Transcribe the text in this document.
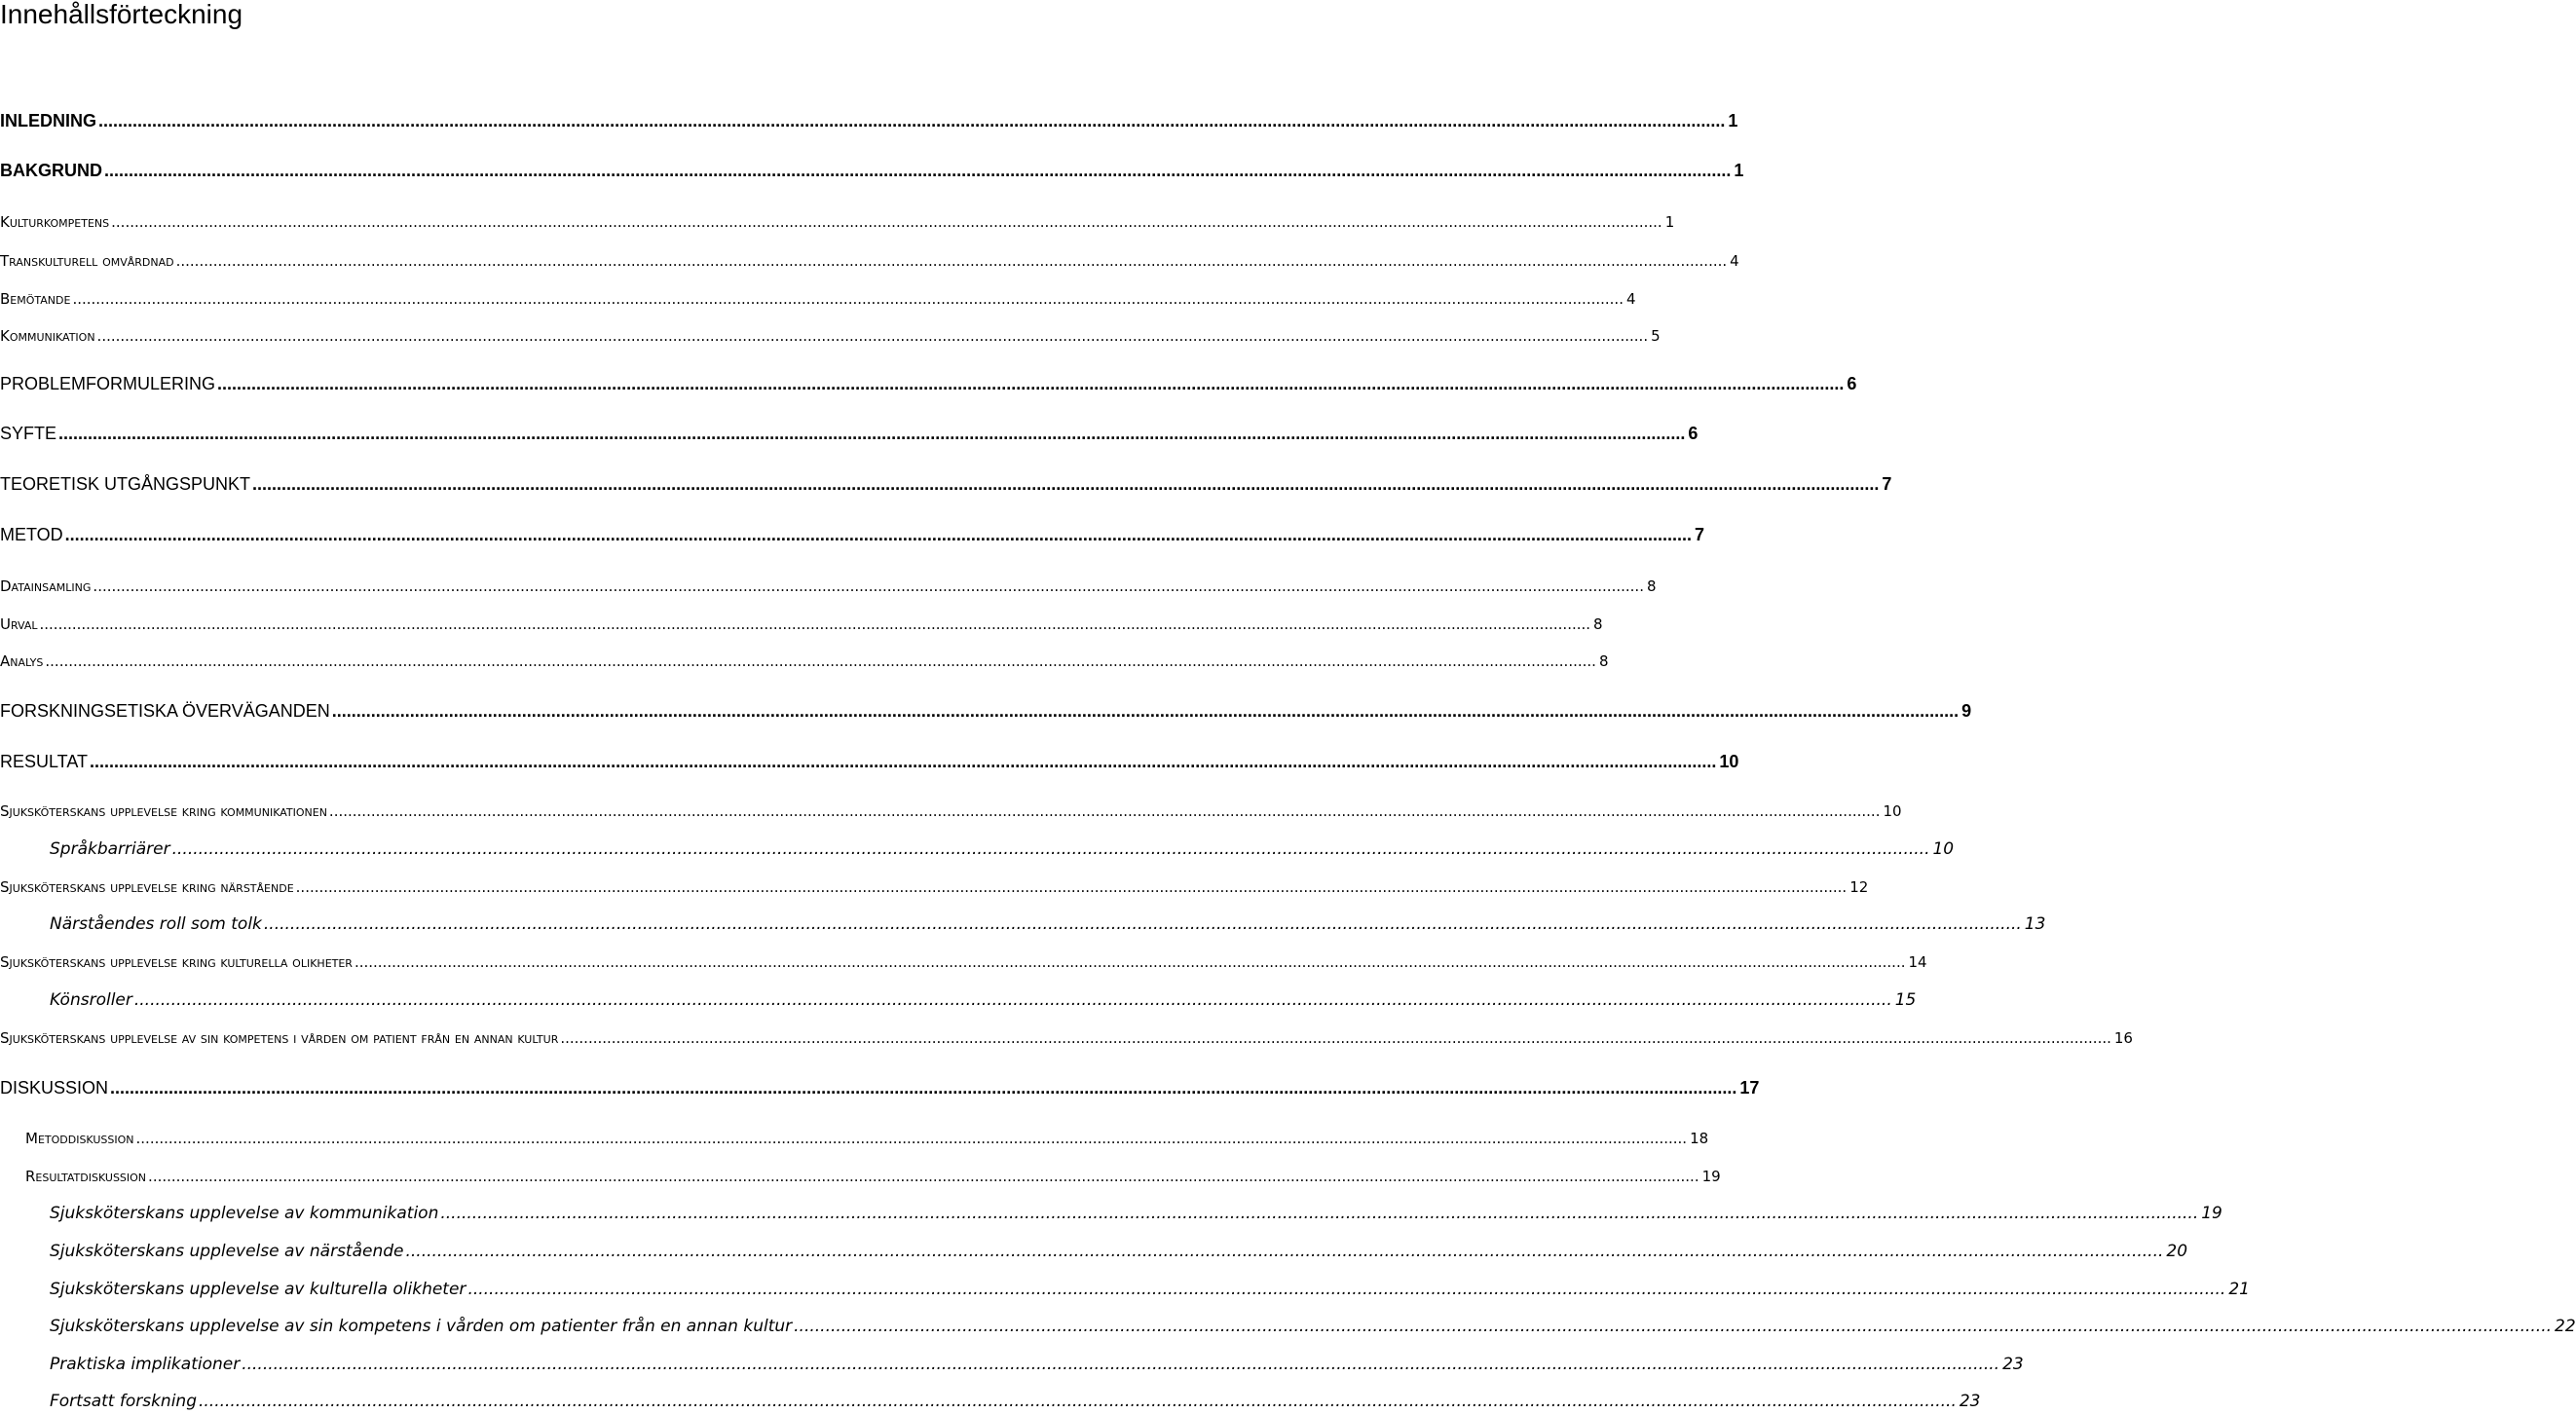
Innehållsförteckning
INLEDNING .............................................................................................................................................................................................................................................................................................................................................. 1
BAKGRUND .............................................................................................................................................................................................................................................................................................................................................. 1
Kulturkompetens .............................................................................................................................................................................................................................................................................................................................................. 1
Transkulturell omvårdnad .............................................................................................................................................................................................................................................................................................................................................. 4
Bemötande .............................................................................................................................................................................................................................................................................................................................................. 4
Kommunikation .............................................................................................................................................................................................................................................................................................................................................. 5
PROBLEMFORMULERING .............................................................................................................................................................................................................................................................................................................................................. 6
SYFTE .............................................................................................................................................................................................................................................................................................................................................. 6
TEORETISK UTGÅNGSPUNKT .............................................................................................................................................................................................................................................................................................................................................. 7
METOD .............................................................................................................................................................................................................................................................................................................................................. 7
Datainsamling .............................................................................................................................................................................................................................................................................................................................................. 8
Urval .............................................................................................................................................................................................................................................................................................................................................. 8
Analys .............................................................................................................................................................................................................................................................................................................................................. 8
FORSKNINGSETISKA ÖVERVÄGANDEN .............................................................................................................................................................................................................................................................................................................................................. 9
RESULTAT .............................................................................................................................................................................................................................................................................................................................................. 10
Sjuksköterskans upplevelse kring kommunikationen .............................................................................................................................................................................................................................................................................................................................................. 10
Språkbarriärer .............................................................................................................................................................................................................................................................................................................................................. 10
Sjuksköterskans upplevelse kring närstående .............................................................................................................................................................................................................................................................................................................................................. 12
Närståendes roll som tolk .............................................................................................................................................................................................................................................................................................................................................. 13
Sjuksköterskans upplevelse kring kulturella olikheter .............................................................................................................................................................................................................................................................................................................................................. 14
Könsroller .............................................................................................................................................................................................................................................................................................................................................. 15
Sjuksköterskans upplevelse av sin kompetens i vården om patient från en annan kultur .............................................................................................................................................................................................................................................................................................................................................. 16
DISKUSSION .............................................................................................................................................................................................................................................................................................................................................. 17
Metoddiskussion .............................................................................................................................................................................................................................................................................................................................................. 18
Resultatdiskussion .............................................................................................................................................................................................................................................................................................................................................. 19
Sjuksköterskans upplevelse av kommunikation .............................................................................................................................................................................................................................................................................................................................................. 19
Sjuksköterskans upplevelse av närstående .............................................................................................................................................................................................................................................................................................................................................. 20
Sjuksköterskans upplevelse av kulturella olikheter .............................................................................................................................................................................................................................................................................................................................................. 21
Sjuksköterskans upplevelse av sin kompetens i vården om patienter från en annan kultur .............................................................................................................................................................................................................................................................................................................................................. 22
Praktiska implikationer .............................................................................................................................................................................................................................................................................................................................................. 23
Fortsatt forskning .............................................................................................................................................................................................................................................................................................................................................. 23
